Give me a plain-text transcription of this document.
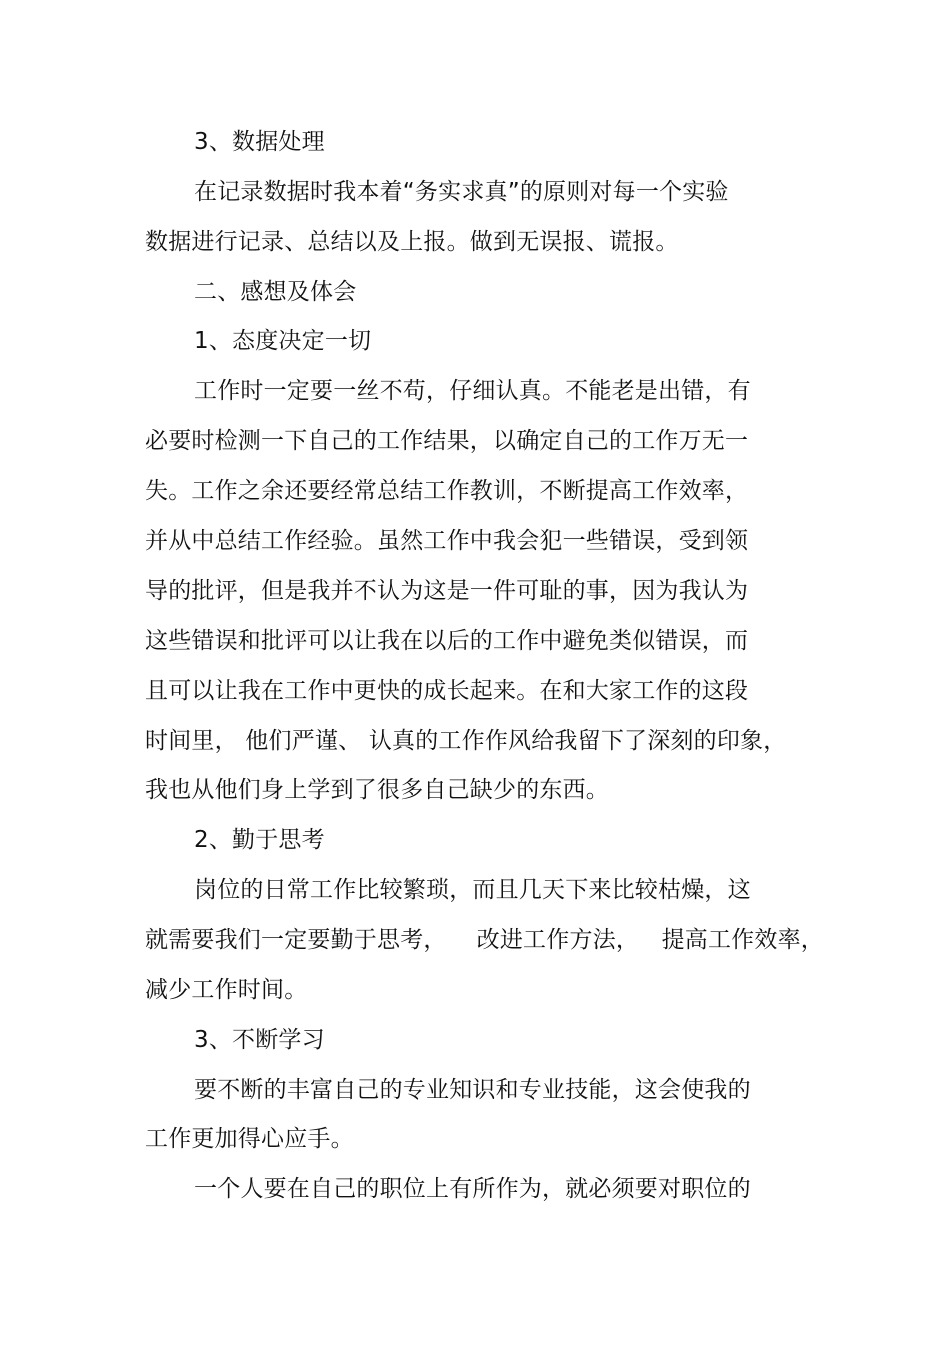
3、数据处理
在记录数据时我本着“务实求真”的原则对每一个实验
数据进行记录、总结以及上报。做到无误报、谎报。
二、感想及体会
1、态度决定一切
工作时一定要一丝不苟，仔细认真。不能老是出错，有
必要时检测一下自己的工作结果，以确定自己的工作万无一
失。工作之余还要经常总结工作教训，不断提高工作效率，
并从中总结工作经验。虽然工作中我会犯一些错误，受到领
导的批评，但是我并不认为这是一件可耻的事，因为我认为
这些错误和批评可以让我在以后的工作中避免类似错误，而
且可以让我在工作中更快的成长起来。在和大家工作的这段
时间里， 他们严谨、 认真的工作作风给我留下了深刻的印象，
我也从他们身上学到了很多自己缺少的东西。
2、勤于思考
岗位的日常工作比较繁琐，而且几天下来比较枯燥，这
就需要我们一定要勤于思考，    改进工作方法，   提高工作效率，
减少工作时间。
3、不断学习
要不断的丰富自己的专业知识和专业技能，这会使我的
工作更加得心应手。
一个人要在自己的职位上有所作为，就必须要对职位的
